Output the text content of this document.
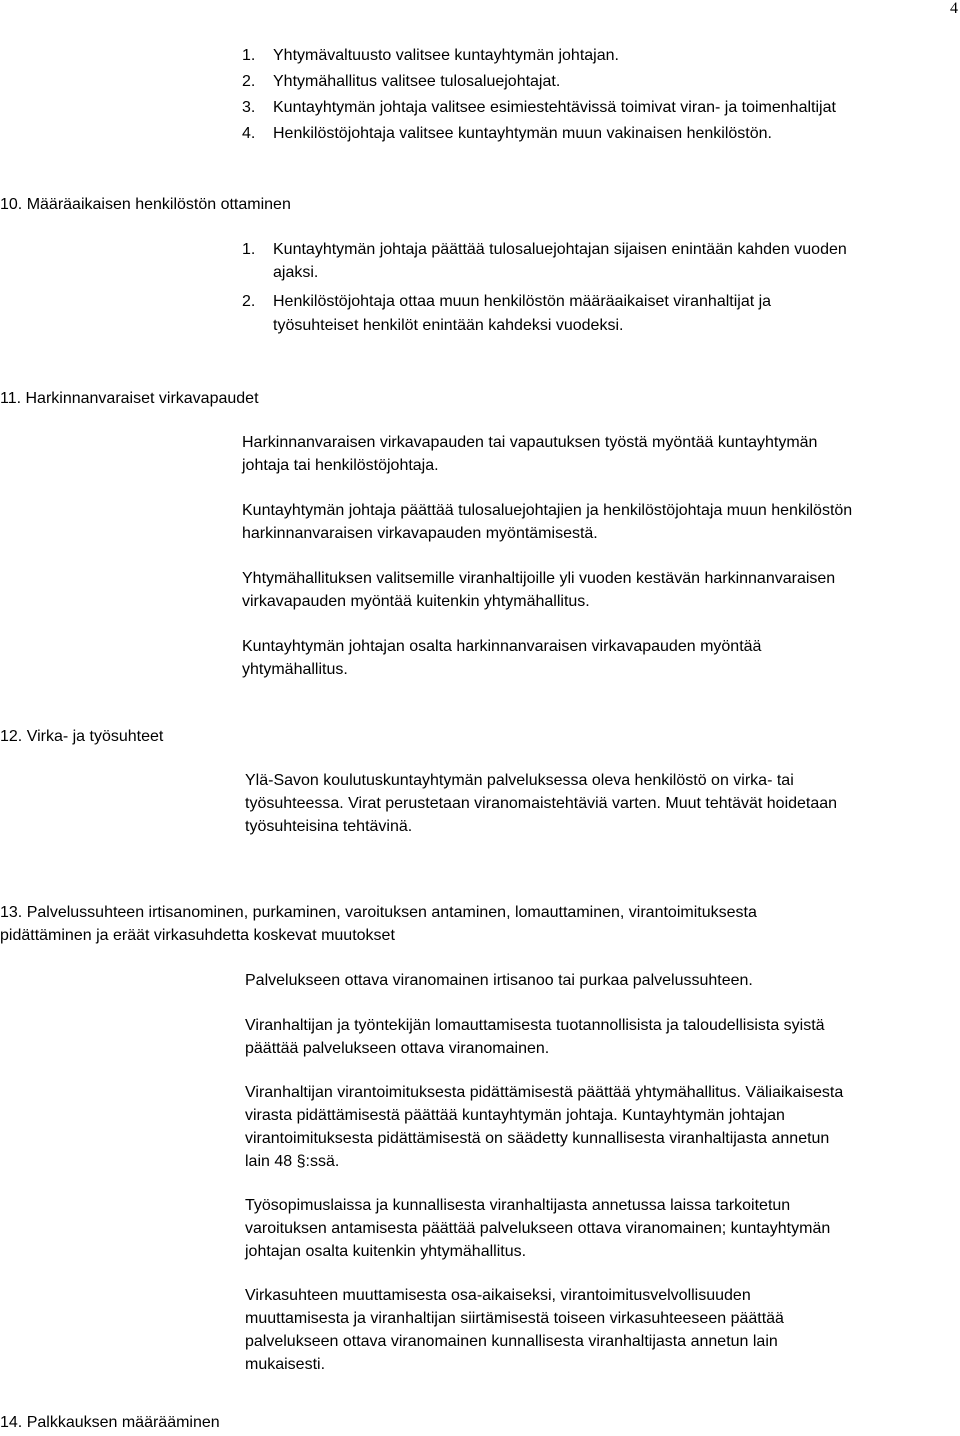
4
1. Yhtymävaltuusto valitsee kuntayhtymän johtajan.
2. Yhtymähallitus valitsee tulosaluejohtajat.
3. Kuntayhtymän johtaja valitsee esimiestehtävissä toimivat viran- ja toimenhaltijat
4. Henkilöstöjohtaja valitsee kuntayhtymän muun vakinaisen henkilöstön.
10. Määräaikaisen henkilöstön ottaminen
1. Kuntayhtymän johtaja päättää tulosaluejohtajan sijaisen enintään kahden vuoden
ajaksi.
2. Henkilöstöjohtaja ottaa muun henkilöstön määräaikaiset viranhaltijat ja
työsuhteiset henkilöt enintään kahdeksi vuodeksi.
11. Harkinnanvaraiset virkavapaudet
Harkinnanvaraisen virkavapauden tai vapautuksen työstä myöntää kuntayhtymän
johtaja tai henkilöstöjohtaja.
Kuntayhtymän johtaja päättää tulosaluejohtajien ja henkilöstöjohtaja muun henkilöstön
harkinnanvaraisen virkavapauden myöntämisestä.
Yhtymähallituksen valitsemille viranhaltijoille yli vuoden kestävän harkinnanvaraisen
virkavapauden myöntää kuitenkin yhtymähallitus.
Kuntayhtymän johtajan osalta harkinnanvaraisen virkavapauden myöntää
yhtymähallitus.
12. Virka- ja työsuhteet
Ylä-Savon koulutuskuntayhtymän palveluksessa oleva henkilöstö on virka- tai
työsuhteessa. Virat perustetaan viranomaistehtäviä varten. Muut tehtävät hoidetaan
työsuhteisina tehtävinä.
13. Palvelussuhteen irtisanominen, purkaminen, varoituksen antaminen, lomauttaminen, virantoimituksesta
pidättäminen ja eräät virkasuhdetta koskevat muutokset
Palvelukseen ottava viranomainen irtisanoo tai purkaa palvelussuhteen.
Viranhaltijan ja työntekijän lomauttamisesta tuotannollisista ja taloudellisista syistä
päättää palvelukseen ottava viranomainen.
Viranhaltijan virantoimituksesta pidättämisestä päättää yhtymähallitus. Väliaikaisesta
virasta pidättämisestä päättää kuntayhtymän johtaja. Kuntayhtymän johtajan
virantoimituksesta pidättämisestä on säädetty kunnallisesta viranhaltijasta annetun
lain 48 §:ssä.
Työsopimuslaissa ja kunnallisesta viranhaltijasta annetussa laissa tarkoitetun
varoituksen antamisesta päättää palvelukseen ottava viranomainen; kuntayhtymän
johtajan osalta kuitenkin yhtymähallitus.
Virkasuhteen muuttamisesta osa-aikaiseksi, virantoimitusvelvollisuuden
muuttamisesta ja viranhaltijan siirtämisestä toiseen virkasuhteeseen päättää
palvelukseen ottava viranomainen kunnallisesta viranhaltijasta annetun lain
mukaisesti.
14. Palkkauksen määrääminen
